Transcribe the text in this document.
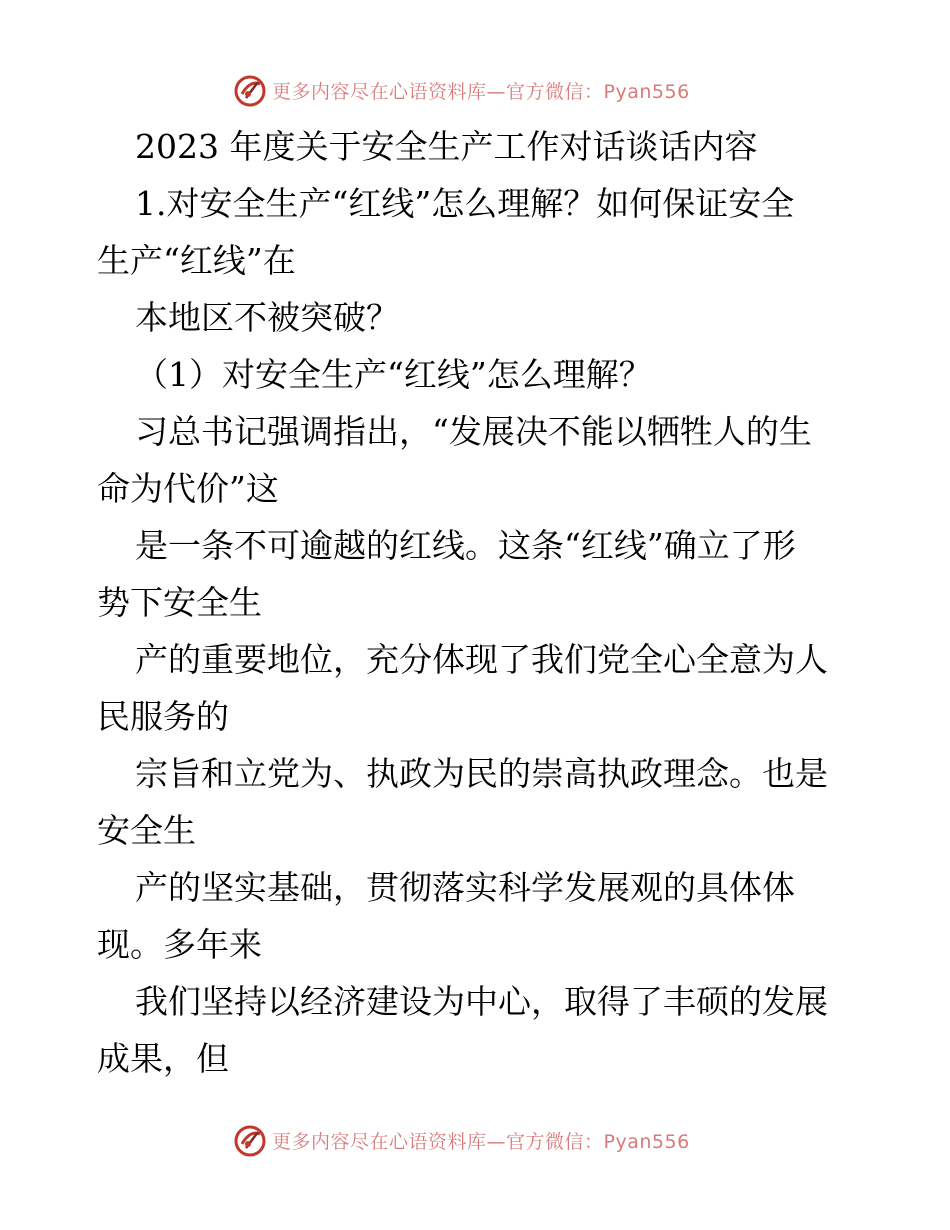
更多内容尽在心语资料库—官方微信：Pyan556
2023 年度关于安全生产工作对话谈话内容
1.对安全生产“红线”怎么理解？如何保证安全
生产“红线”在
本地区不被突破？
（1）对安全生产“红线”怎么理解？
习总书记强调指出，“发展决不能以牺牲人的生
命为代价”这
是一条不可逾越的红线。这条“红线”确立了形
势下安全生
产的重要地位，充分体现了我们党全心全意为人
民服务的
宗旨和立党为、执政为民的崇高执政理念。也是
安全生
产的坚实基础，贯彻落实科学发展观的具体体
现。多年来
我们坚持以经济建设为中心，取得了丰硕的发展
成果，但
更多内容尽在心语资料库—官方微信：Pyan556
